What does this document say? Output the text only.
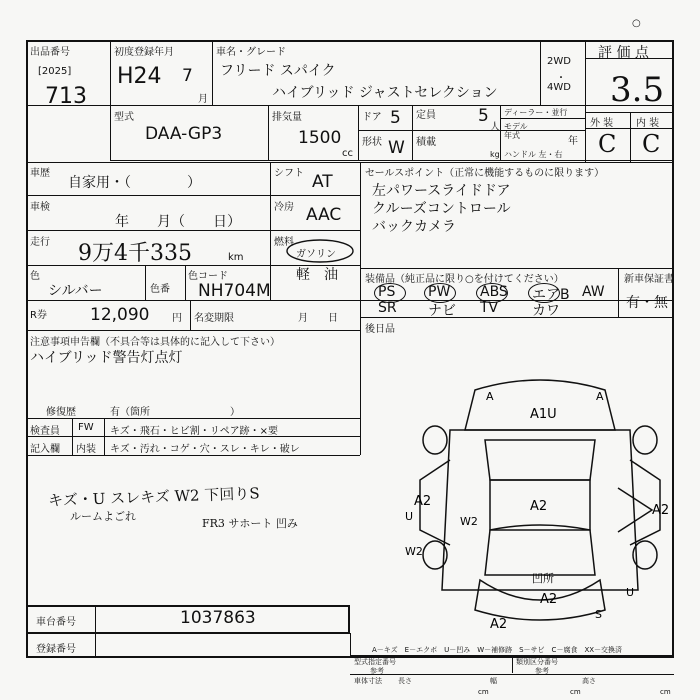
○
出品番号
[2025]
713
初度登録年月
H24 7
月
車名・グレード
フリード スパイク
ハイブリッド ジャストセレクション
2WD
・
4WD
評 価 点
3.5
外 装 内 装
C C
型式
DAA-GP3
排気量
1500
cc
ドア 5 定員 5
人
ディーラー・並行
モデル年式
年
形状 W 積載
kg ハンドル 左・右
車歴
自家用・（　　　　）
シフト AT
車検
年　　月（　　日）
冷房 AAC
走行 9万4千335	km
燃料
ガソリン
軽　油
色
シルバー	色番
色コード
NH704M
R券	12,090 円 名変期限	月　　日
セールスポイント（正常に機能するものに限ります）
左パワースライドドア
クルーズコントロール
バックカメラ
装備品（純正品に限り○を付けてください）	新車保証書
有・無
PS PW ABS エアB AW
SR ナビ TV カワ
後日品
注意事項申告欄（不具合等は具体的に記入して下さい）
ハイブリッド警告灯点灯
修復歴	有（箇所　　　　　　　　）
検査員 FW キズ・飛石・ヒビ割・リペア跡・×要
記入欄 内装 キズ・汚れ・コゲ・穴・スレ・キレ・破レ
キズ・U スレキズ W2 下回りS
ルームよごれ
FR3 サホート 凹み
A1U
A2	A2
A2
A2
A2
W2
W2
U
U
凹所
S
A	A
車台番号	1037863
登録番号	A－キズ　E－エクボ　U－凹み　W－補修跡　S－サビ　C－腐食　XX－交換済
型式指定番号	類別区分番号
参考	参考
車体寸法 長さ	幅	高さ
cm	cm	cm
